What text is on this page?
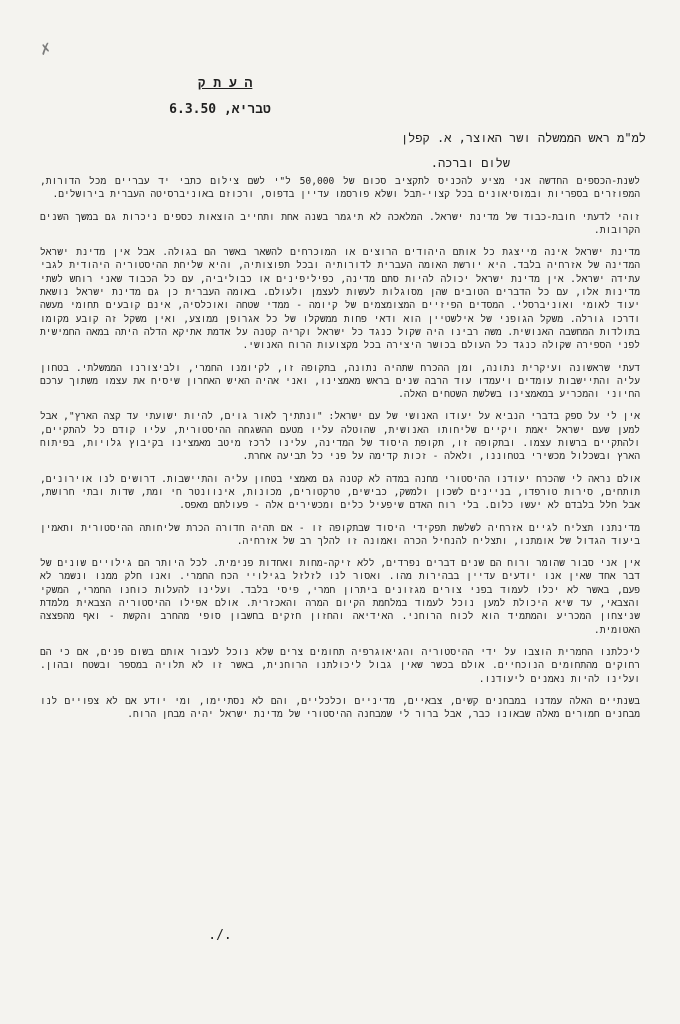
✗
ה ע ת ק
טבריא, 6.3.50
למ"מ ראש הממשלה ושר האוצר, א. קפלן
שלום וברכה.

לשנת-הכספים החדשה אני מציע להכניס לתקציב סכום של 50,000 ל"י לשם צילום כתבי יד עבריים מכל הדורות, המפוזרים בספריות ובמוסיאונים בכל קצוי-תבל ושלא פורסמו עדיין בדפוס, ורכוזם באוניברסיטה העברית בירושלים.

זוהי לדעתי חובת-כבוד של מדינת ישראל. המלאכה לא תיגמר בשנה אחת ותחייב הוצאות כספים ניכרות גם במשך השנים הקרובות.

מדינת ישראל אינה מייצגת כל אותם היהודים הרוצים או המוכרחים להשאר באשר הם בגולה. אבל אין מדינת ישראל המדינה של אזרחיה בלבד. היא יורשת האומה העברית לדורותיה ובכל תפוצותיה, והיא שליחת ההיסטוריה היהודית לגבי עתידה ישראל. אין מדינת ישראל יכולה להיות סתם מדינה, כפיליפינים או כבוליביה, עם כל הכבוד שאני רוחש לשתי מדינות אלו, עם כל הדברים הטובים שהן מסוגלות לעשות לעצמן ולעולם. באומה העברית כן גם מדינת ישראל נושאת יעוד לאומי ואוניברסלי. המסדים הפיזיים המצומצמים של קיומה - ממדי שטחה ואוכלסיה, אינם קובעים תחומי מעשה ודרכו גורלה. משקל הגופני של אילשטיין הוא ודאי פחות ממשקלו של כל אגרופן ממוצע, ואין משקל זה קובע מקומו בתולדות המחשבה האנושית. משה רבינו היה שקול כנגד כל ישראל וקריה קטנה על אדמת אתיקא הדלה היתה במאה החמישית לפני הספירה שקולה כנגד כל העולם בכושר היצירה בכל מקצועות הרוח האנושי.

דעתי שראשונה ועיקרית נתונה, ומן ההכרח שתהיה נתונה, בתקופה זו, לקיומנו החמרי, ולביצורנו הממשלתי. בטחון עליה והתיישבות עומדים ויעמדו עוד הרבה שנים בראש מאמצינו, ואני אהיה האיש האחרון שיסיח את עצמו משתוך ערכם החיוני והמכריע במאמצינו בשלשת השטחים האלה.

אין לי על ספק בדברי הנביא על יעודו האנושי של עם ישראל: "ונתתיך לאור גוים, להיות ישועתי עד קצה הארץ", אבל למען שעם ישראל יאמת ויקיים שליחותו האנושית, שהוטלה עליו מטעם ההשגחה ההיסטורית, עליו קודם כל להתקיים, ולהתקיים ברשות עצמו. ובתקופה זו, תקופת היסוד של המדינה, עלינו לרכז מיטב מאמצינו בקיבוץ גלויות, בפיתוח הארץ ובשכלול מכשירי בטחוננו, ולאלה - זכות קדימה על פני כל תביעה אחרת.

אולם נראה לי שהכרח יעודנו ההיסטורי מחנה במדה לא קטנה גם מאמצי בטחון עליה והתיישבות. דרושים לנו אוירונים, תותחים, סירות טורפדו, בניינים לשכון ולמשק, כבישים, טרקטורים, מכונות, אינוונטר חי ומת, שדות ובתי חרושת, אבל חלל בלבדם לא יעשו כלום. בלי רוח האדם שיפעיל כלים ומכשירים אלה - פעולתם מאפס.

מדינתנו תצליח לגיים אזרחיה לשלשת תפקידי היסוד שבתקופה זו - אם תהיה חדורה הכרת שליחותה ההיסטורית ותאמין ביעוד הגדול של אומתנו, ותצליח להנחיל הכרה ואמונה זו להלך רב של אזרחיה.

אין אני סבור שהומר ורוח הם שנים דברים נפרדים, ללא זיקה-מחות ואחדות פנימית. לכל היותר הם גילויים שונים של דבר אחד שאין אנו יודעים עדיין בבהירות מהו. ואסור לנו לזלזל בגילויי הכח החמרי. ואנו חלק ממנו ונשמר לא פעם, באשר לא יכלו לעמוד בפני צורים מגזונים ביתרון חמרי, פיסי בלבד. ועלינו להעלות כוחנו החמרי, המשקי והצבאי, עד שיא היכולת למען נוכל לעמוד במלחמת הקיום המרה והאכזרית. אולם אפילו ההיסטוריה הצבאית מלמדת שניצחון המכריע והמתמיד הוא לכוח הרוחני. האידיאה והחזון חזקים בחשבון סופי מהחרב והקשת - ואף מהפצצה האטומית.

ליכלתנו החמרית הוצבו על ידי ההיסטוריה והגיאוגרפיה תחומים צרים שלא נוכל לעבור אותם בשום פנים, אם כי הם רחוקים מהתחומים הנוכחיים. אולם בכשר שאין גבול ליכולתנו הרוחנית, באשר זו לא תלויה במספר ובשטח ובהון. ועלינו להיות נאמנים ליעודנו.

בשנתיים האלה עמדנו במבחנים קשים, צבאיים, מדיניים וכלכליים, והם לא נסתיימו, ומי יודע אם לא צפויים לנו מבחנים חמורים מאלה שבאונו כבר, אבל ברור לי שמבחנה ההיסטורי של מדינת ישראל יהיה מבחן הרוח.

./.
